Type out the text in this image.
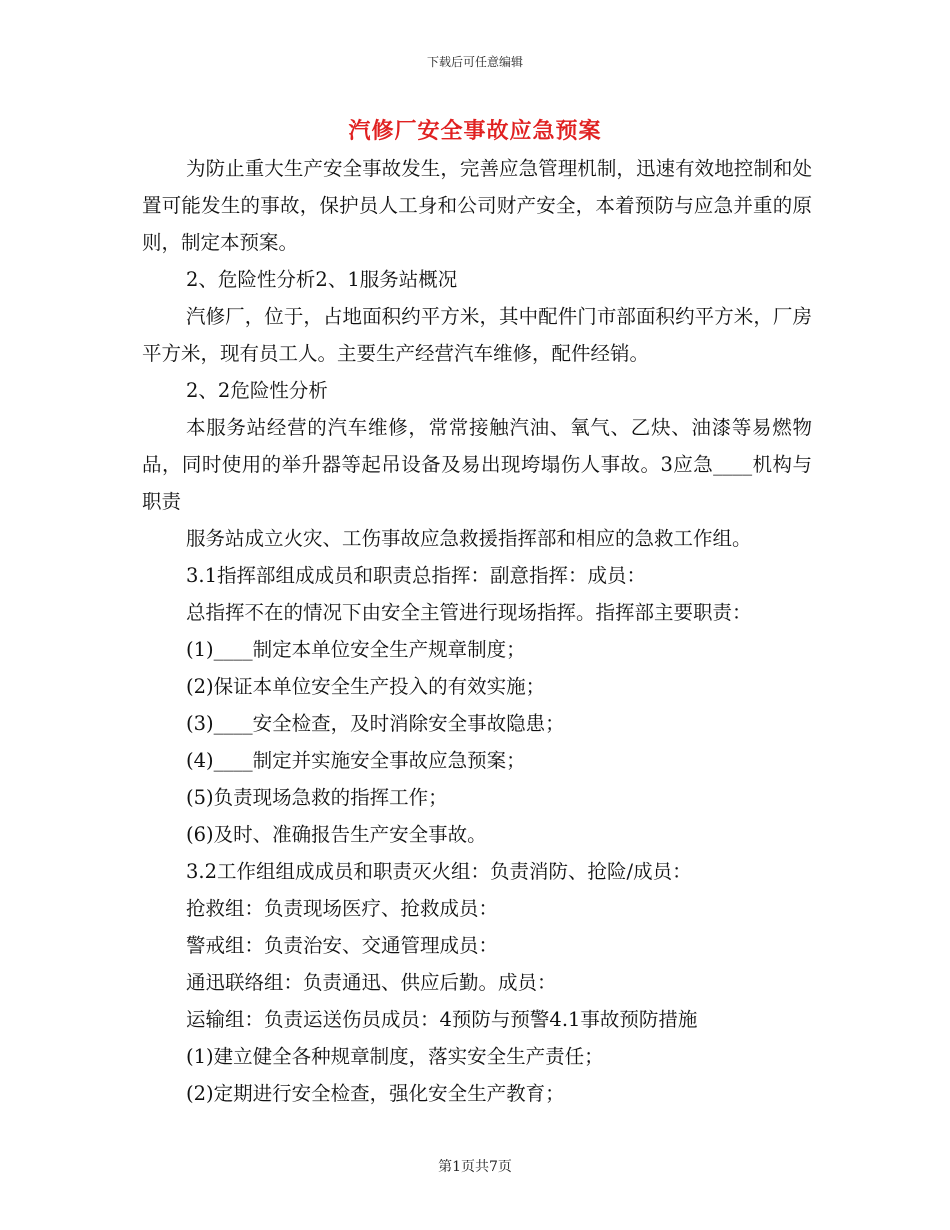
下载后可任意编辑
汽修厂安全事故应急预案

为防止重大生产安全事故发生，完善应急管理机制，迅速有效地控制和处置可能发生的事故，保护员人工身和公司财产安全，本着预防与应急并重的原则，制定本预案。

2、危险性分析2、1服务站概况

汽修厂，位于，占地面积约平方米，其中配件门市部面积约平方米，厂房平方米，现有员工人。主要生产经营汽车维修，配件经销。

2、2危险性分析

本服务站经营的汽车维修，常常接触汽油、氧气、乙炔、油漆等易燃物品，同时使用的举升器等起吊设备及易出现垮塌伤人事故。3应急____机构与职责

服务站成立火灾、工伤事故应急救援指挥部和相应的急救工作组。

3.1指挥部组成成员和职责总指挥：副意指挥：成员：

总指挥不在的情况下由安全主管进行现场指挥。指挥部主要职责：

(1)____制定本单位安全生产规章制度；

(2)保证本单位安全生产投入的有效实施；

(3)____安全检查，及时消除安全事故隐患；

(4)____制定并实施安全事故应急预案；

(5)负责现场急救的指挥工作；

(6)及时、准确报告生产安全事故。

3.2工作组组成成员和职责灭火组：负责消防、抢险/成员：

抢救组：负责现场医疗、抢救成员：

警戒组：负责治安、交通管理成员：

通迅联络组：负责通迅、供应后勤。成员：

运输组：负责运送伤员成员：4预防与预警4.1事故预防措施

(1)建立健全各种规章制度，落实安全生产责任；

(2)定期进行安全检查，强化安全生产教育；

第1页共7页
